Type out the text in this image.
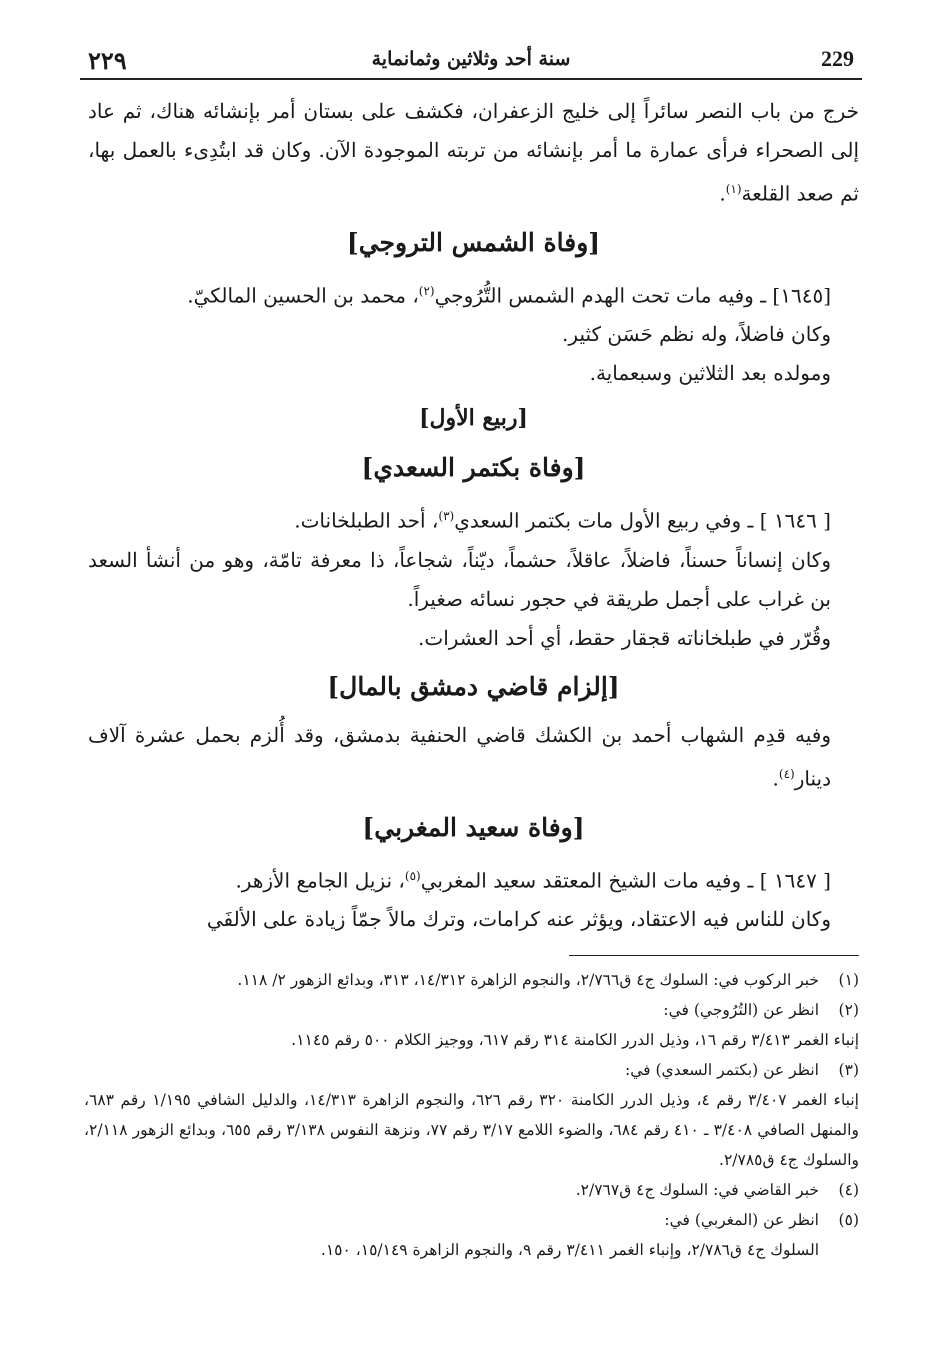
٢٢٩	سنة أحد وثلاثين وثمانماية	229

خرج من باب النصر سائراً إلى خليج الزعفران، فكشف على بستان أمر بإنشائه هناك، ثم عاد إلى الصحراء فرأى عمارة ما أمر بإنشائه من تربته الموجودة الآن. وكان قد ابتُدِىء بالعمل بها، ثم صعد القلعة$^{(١)}$.

[وفاة الشمس التروجي]

[١٦٤٥] ـ وفيه مات تحت الهدم الشمس التُّرُوجي$^{(٢)}$، محمد بن الحسين المالكيّ.

وكان فاضلاً، وله نظم حَسَن كثير.

ومولده بعد الثلاثين وسبعماية.

[ربيع الأول]
[وفاة بكتمر السعدي]

[ ١٦٤٦ ] ـ وفي ربيع الأول مات بكتمر السعدي$^{(٣)}$، أحد الطبلخانات.

وكان إنساناً حسناً، فاضلاً، عاقلاً، حشماً، ديّناً، شجاعاً، ذا معرفة تامّة، وهو من أنشأ السعد بن غراب على أجمل طريقة في حجور نسائه صغيراً.

وقُرّر في طبلخاناته قجقار حقط، أي أحد العشرات.

[إلزام قاضي دمشق بالمال]

وفيه قدِم الشهاب أحمد بن الكشك قاضي الحنفية بدمشق، وقد أُلزم بحمل عشرة آلاف دينار$^{(٤)}$.

[وفاة سعيد المغربي]

[ ١٦٤٧ ] ـ وفيه مات الشيخ المعتقد سعيد المغربي$^{(٥)}$، نزيل الجامع الأزهر.

وكان للناس فيه الاعتقاد، ويؤثر عنه كرامات، وترك مالاً جمّاً زيادة على الألفَي

(١)
خبر الركوب في: السلوك ج٤ ق٢/٧٦٦، والنجوم الزاهرة ١٤/٣١٢، ٣١٣، وبدائع الزهور ٢/ ١١٨.
(٢)
انظر عن (التُرُوجي) في:
إنباء الغمر ٣/٤١٣ رقم ١٦، وذيل الدرر الكامنة ٣١٤ رقم ٦١٧، ووجيز الكلام ٥٠٠ رقم ١١٤٥.
(٣)
انظر عن (بكتمر السعدي) في:
إنباء الغمر ٣/٤٠٧ رقم ٤، وذيل الدرر الكامنة ٣٢٠ رقم ٦٢٦، والنجوم الزاهرة ١٤/٣١٣، والدليل الشافي ١/١٩٥ رقم ٦٨٣، والمنهل الصافي ٣/٤٠٨ ـ ٤١٠ رقم ٦٨٤، والضوء اللامع ٣/١٧ رقم ٧٧، ونزهة النفوس ٣/١٣٨ رقم ٦٥٥، وبدائع الزهور ٢/١١٨، والسلوك ج٤ ق٢/٧٨٥.
(٤)
خبر القاضي في: السلوك ج٤ ق٢/٧٦٧.
(٥)
انظر عن (المغربي) في:
السلوك ج٤ ق٢/٧٨٦، وإنباء الغمر ٣/٤١١ رقم ٩، والنجوم الزاهرة ١٥/١٤٩، ١٥٠.
